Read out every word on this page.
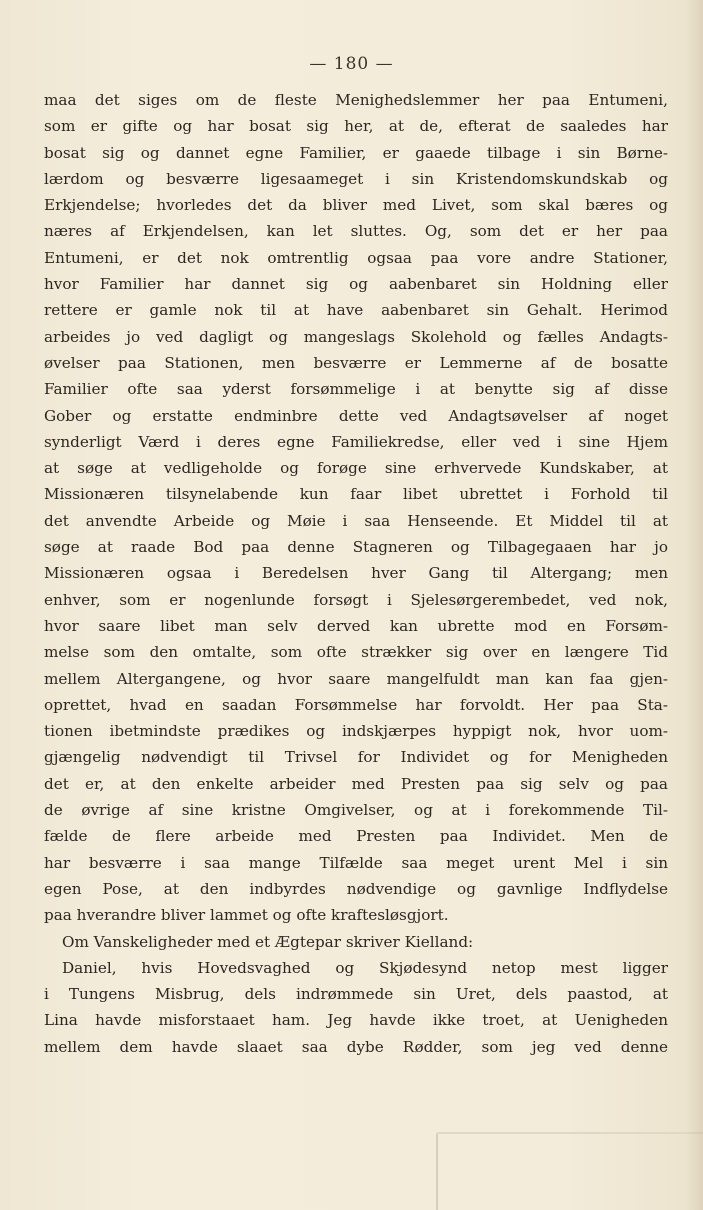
— 180 —
maa det siges om de fleste Menighedslemmer her paa Entumeni,
som er gifte og har bosat sig her, at de, efterat de saaledes har
bosat sig og dannet egne Familier, er gaaede tilbage i sin Børne-
lærdom og besværre ligesaameget i sin Kristendomskundskab og
Erkjendelse; hvorledes det da bliver med Livet, som skal bæres og
næres af Erkjendelsen, kan let sluttes. Og, som det er her paa
Entumeni, er det nok omtrentlig ogsaa paa vore andre Stationer,
hvor Familier har dannet sig og aabenbaret sin Holdning eller
rettere er gamle nok til at have aabenbaret sin Gehalt. Herimod
arbeides jo ved dagligt og mangeslags Skolehold og fælles Andagts-
øvelser paa Stationen, men besværre er Lemmerne af de bosatte
Familier ofte saa yderst forsømmelige i at benytte sig af disse
Gober og erstatte endminbre dette ved Andagtsøvelser af noget
synderligt Værd i deres egne Familiekredse, eller ved i sine Hjem
at søge at vedligeholde og forøge sine erhvervede Kundskaber, at
Missionæren tilsynelabende kun faar libet ubrettet i Forhold til
det anvendte Arbeide og Møie i saa Henseende. Et Middel til at
søge at raade Bod paa denne Stagneren og Tilbagegaaen har jo
Missionæren ogsaa i Beredelsen hver Gang til Altergang; men
enhver, som er nogenlunde forsøgt i Sjelesørgerembedet, ved nok,
hvor saare libet man selv derved kan ubrette mod en Forsøm-
melse som den omtalte, som ofte strækker sig over en længere Tid
mellem Altergangene, og hvor saare mangelfuldt man kan faa gjen-
oprettet, hvad en saadan Forsømmelse har forvoldt. Her paa Sta-
tionen ibetmindste prædikes og indskjærpes hyppigt nok, hvor uom-
gjængelig nødvendigt til Trivsel for Individet og for Menigheden
det er, at den enkelte arbeider med Presten paa sig selv og paa
de øvrige af sine kristne Omgivelser, og at i forekommende Til-
fælde de flere arbeide med Presten paa Individet. Men de
har besværre i saa mange Tilfælde saa meget urent Mel i sin
egen Pose, at den indbyrdes nødvendige og gavnlige Indflydelse
paa hverandre bliver lammet og ofte kraftesløsgjort.
Om Vanskeligheder med et Ægtepar skriver Kielland:
Daniel, hvis Hovedsvaghed og Skjødesynd netop mest ligger
i Tungens Misbrug, dels indrømmede sin Uret, dels paastod, at
Lina havde misforstaaet ham. Jeg havde ikke troet, at Uenigheden
mellem dem havde slaaet saa dybe Rødder, som jeg ved denne
